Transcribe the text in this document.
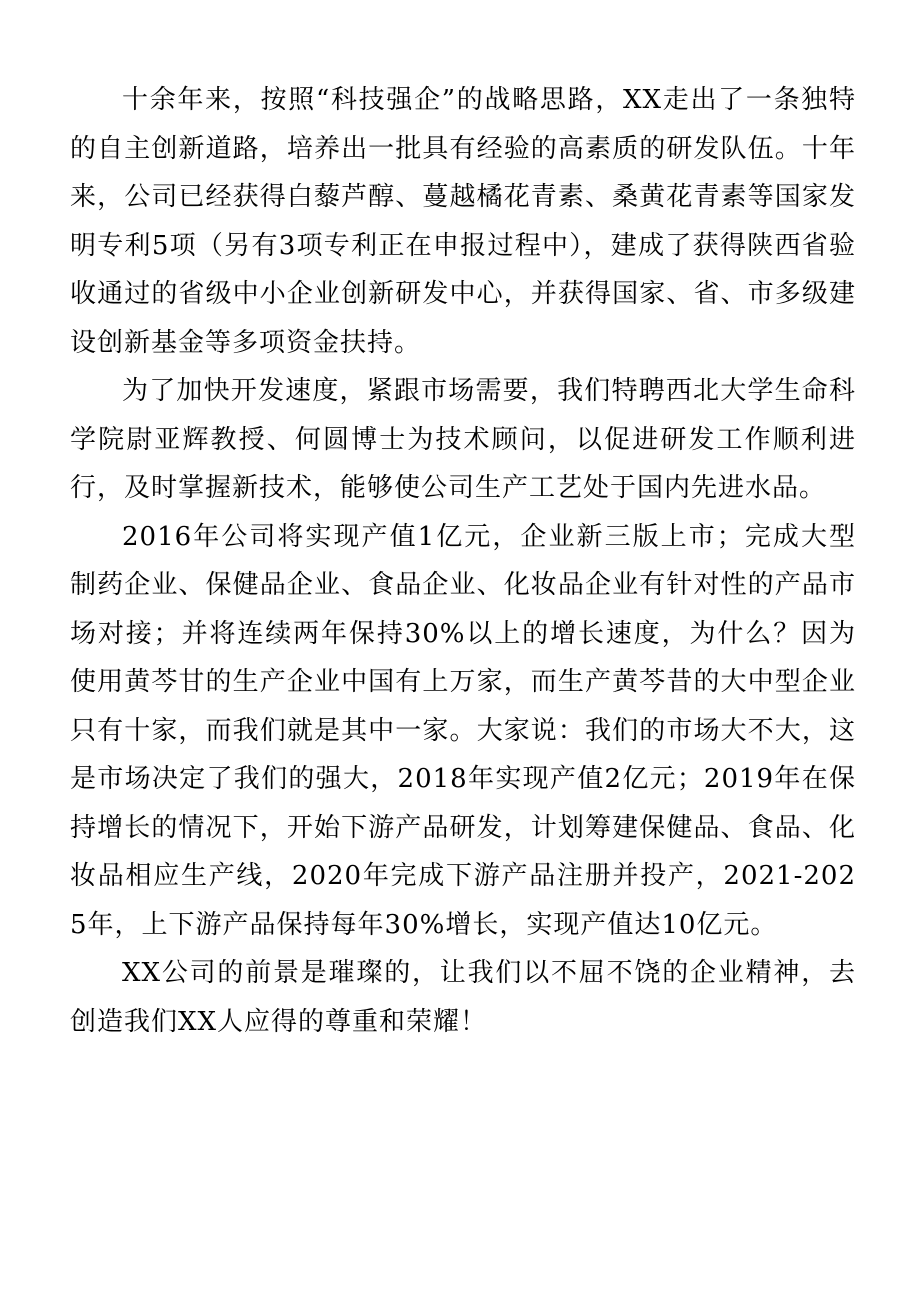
十余年来，按照“科技强企”的战略思路，XX走出了一条独特的自主创新道路，培养出一批具有经验的高素质的研发队伍。十年来，公司已经获得白藜芦醇、蔓越橘花青素、桑黄花青素等国家发明专利5项（另有3项专利正在申报过程中），建成了获得陕西省验收通过的省级中小企业创新研发中心，并获得国家、省、市多级建设创新基金等多项资金扶持。

为了加快开发速度，紧跟市场需要，我们特聘西北大学生命科学院尉亚辉教授、何圆博士为技术顾问，以促进研发工作顺利进行，及时掌握新技术，能够使公司生产工艺处于国内先进水品。

2016年公司将实现产值1亿元，企业新三版上市；完成大型制药企业、保健品企业、食品企业、化妆品企业有针对性的产品市场对接；并将连续两年保持30%以上的增长速度，为什么？因为使用黄芩甘的生产企业中国有上万家，而生产黄芩昔的大中型企业只有十家，而我们就是其中一家。大家说：我们的市场大不大，这是市场决定了我们的强大，2018年实现产值2亿元；2019年在保持增长的情况下，开始下游产品研发，计划筹建保健品、食品、化妆品相应生产线，2020年完成下游产品注册并投产，2021-2025年，上下游产品保持每年30%增长，实现产值达10亿元。

XX公司的前景是璀璨的，让我们以不屈不饶的企业精神，去创造我们XX人应得的尊重和荣耀！
